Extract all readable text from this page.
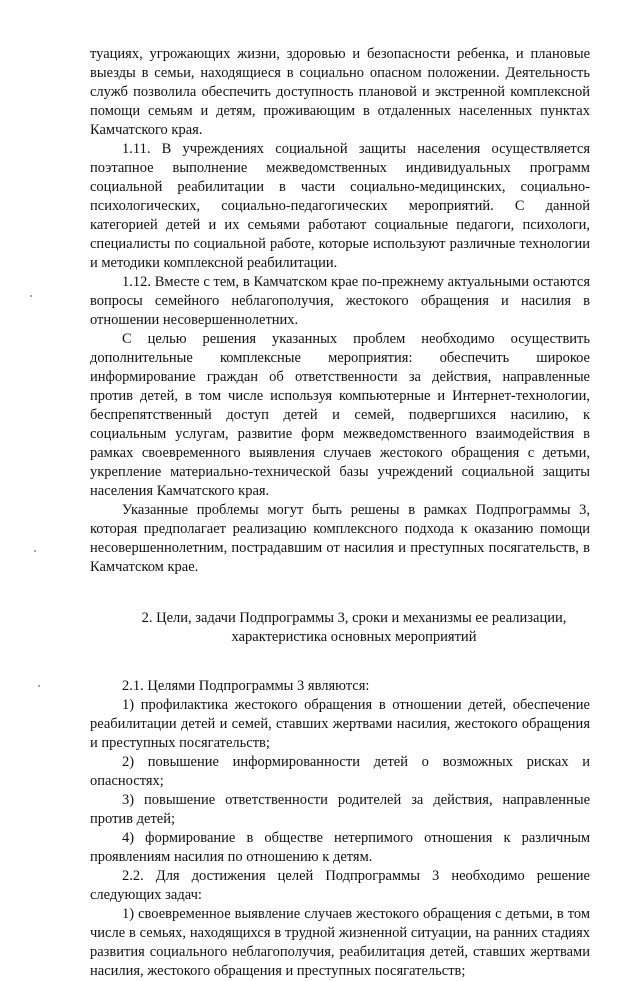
туациях, угрожающих жизни, здоровью и безопасности ребенка, и плановые выезды в семьи, находящиеся в социально опасном положении. Деятельность служб позволила обеспечить доступность плановой и экстренной комплексной помощи семьям и детям, проживающим в отдаленных населенных пунктах Камчатского края.

1.11. В учреждениях социальной защиты населения осуществляется поэтапное выполнение межведомственных индивидуальных программ социальной реабилитации в части социально-медицинских, социально-психологических, социально-педагогических мероприятий. С данной категорией детей и их семьями работают социальные педагоги, психологи, специалисты по социальной работе, которые используют различные технологии и методики комплексной реабилитации.

1.12. Вместе с тем, в Камчатском крае по-прежнему актуальными остаются вопросы семейного неблагополучия, жестокого обращения и насилия в отношении несовершеннолетних.

С целью решения указанных проблем необходимо осуществить дополнительные комплексные мероприятия: обеспечить широкое информирование граждан об ответственности за действия, направленные против детей, в том числе используя компьютерные и Интернет-технологии, беспрепятственный доступ детей и семей, подвергшихся насилию, к социальным услугам, развитие форм межведомственного взаимодействия в рамках своевременного выявления случаев жестокого обращения с детьми, укрепление материально-технической базы учреждений социальной защиты населения Камчатского края.

Указанные проблемы могут быть решены в рамках Подпрограммы 3, которая предполагает реализацию комплексного подхода к оказанию помощи несовершеннолетним, пострадавшим от насилия и преступных посягательств, в Камчатском крае.

2. Цели, задачи Подпрограммы 3, сроки и механизмы ее реализации,

характеристика основных мероприятий

2.1. Целями Подпрограммы 3 являются:

1) профилактика жестокого обращения в отношении детей, обеспечение реабилитации детей и семей, ставших жертвами насилия, жестокого обращения и преступных посягательств;

2) повышение информированности детей о возможных рисках и опасностях;

3) повышение ответственности родителей за действия, направленные против детей;

4) формирование в обществе нетерпимого отношения к различным проявлениям насилия по отношению к детям.

2.2. Для достижения целей Подпрограммы 3 необходимо решение следующих задач:

1) своевременное выявление случаев жестокого обращения с детьми, в том числе в семьях, находящихся в трудной жизненной ситуации, на ранних стадиях развития социального неблагополучия, реабилитация детей, ставших жертвами насилия, жестокого обращения и преступных посягательств;
